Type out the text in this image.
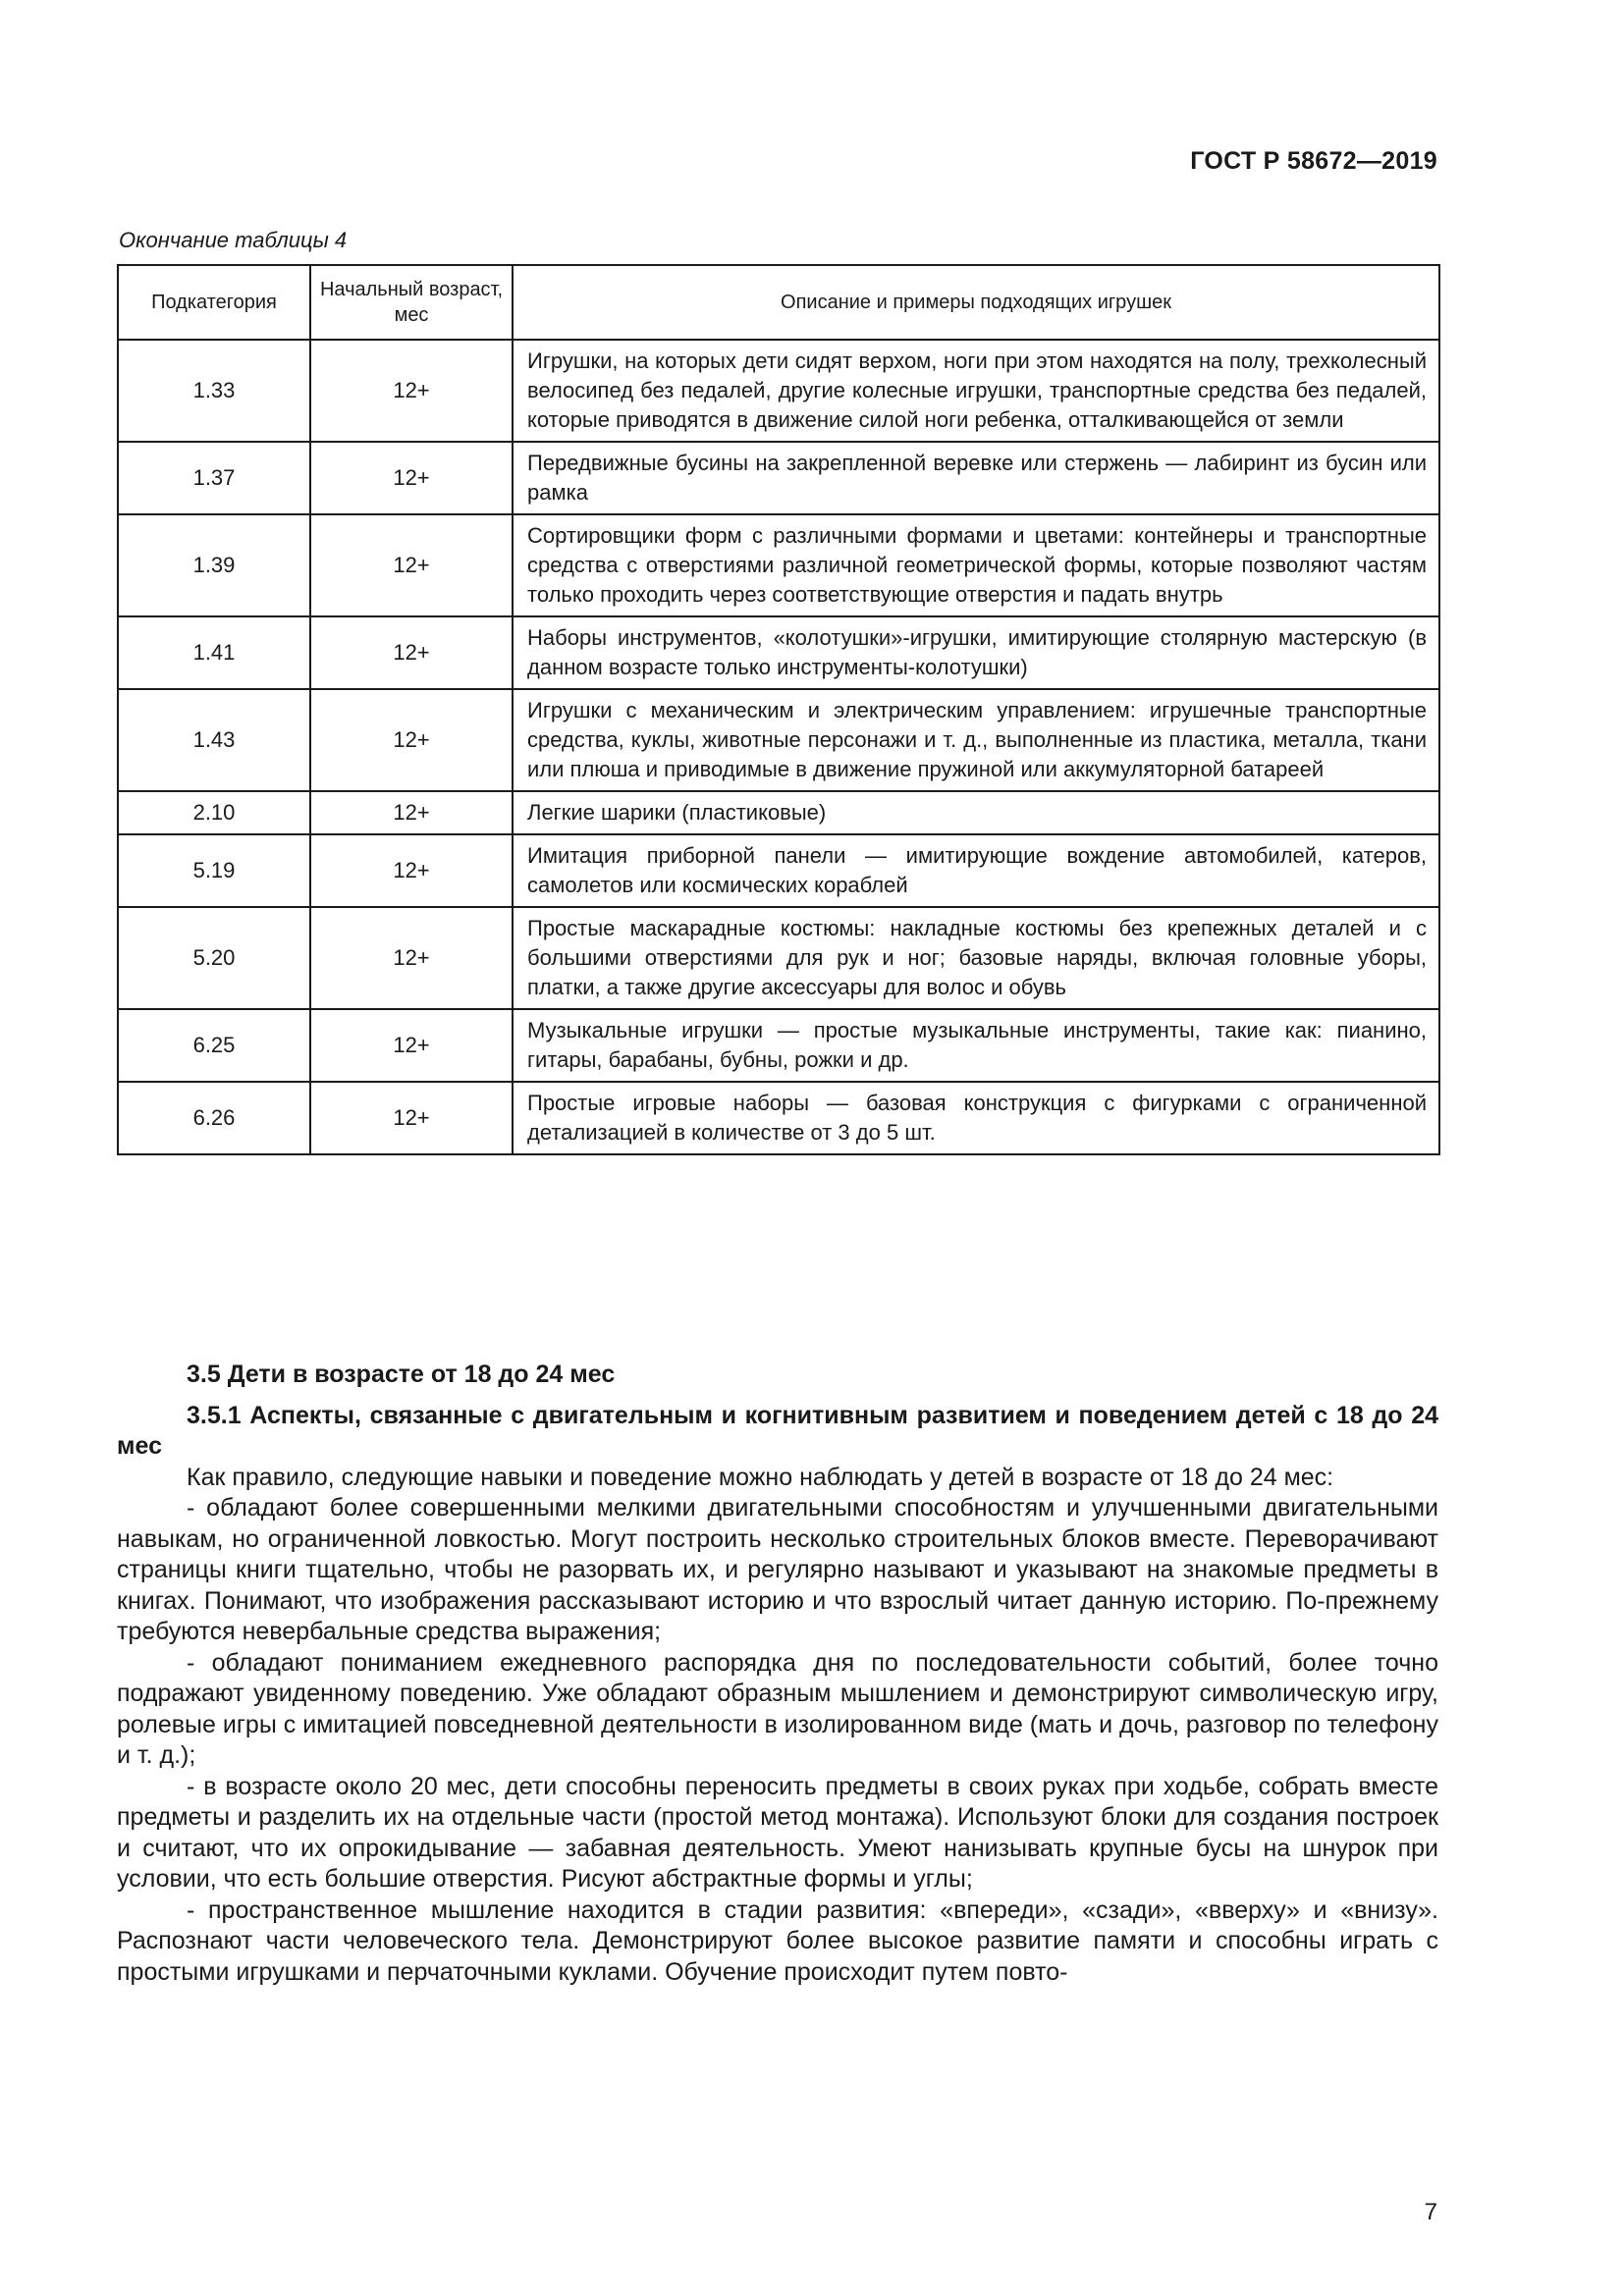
ГОСТ Р 58672—2019
Окончание таблицы 4
Подкатегория	Начальный возраст, мес	Описание и примеры подходящих игрушек
1.33	12+	Игрушки, на которых дети сидят верхом, ноги при этом находятся на полу, трехколесный велосипед без педалей, другие колесные игрушки, транспортные средства без педалей, которые приводятся в движение силой ноги ребенка, отталкивающейся от земли
1.37	12+	Передвижные бусины на закрепленной веревке или стержень — лабиринт из бусин или рамка
1.39	12+	Сортировщики форм с различными формами и цветами: контейнеры и транспортные средства с отверстиями различной геометрической формы, которые позволяют частям только проходить через соответствующие отверстия и падать внутрь
1.41	12+	Наборы инструментов, «колотушки»-игрушки, имитирующие столярную мастерскую (в данном возрасте только инструменты-колотушки)
1.43	12+	Игрушки с механическим и электрическим управлением: игрушечные транспортные средства, куклы, животные персонажи и т. д., выполненные из пластика, металла, ткани или плюша и приводимые в движение пружиной или аккумуляторной батареей
2.10	12+	Легкие шарики (пластиковые)
5.19	12+	Имитация приборной панели — имитирующие вождение автомобилей, катеров, самолетов или космических кораблей
5.20	12+	Простые маскарадные костюмы: накладные костюмы без крепежных деталей и с большими отверстиями для рук и ног; базовые наряды, включая головные уборы, платки, а также другие аксессуары для волос и обувь
6.25	12+	Музыкальные игрушки — простые музыкальные инструменты, такие как: пианино, гитары, барабаны, бубны, рожки и др.
6.26	12+	Простые игровые наборы — базовая конструкция с фигурками с ограниченной детализацией в количестве от 3 до 5 шт.
3.5 Дети в возрасте от 18 до 24 мес
3.5.1 Аспекты, связанные с двигательным и когнитивным развитием и поведением детей с 18 до 24 мес

Как правило, следующие навыки и поведение можно наблюдать у детей в возрасте от 18 до 24 мес:

- обладают более совершенными мелкими двигательными способностям и улучшенными двигательными навыкам, но ограниченной ловкостью. Могут построить несколько строительных блоков вместе. Переворачивают страницы книги тщательно, чтобы не разорвать их, и регулярно называют и указывают на знакомые предметы в книгах. Понимают, что изображения рассказывают историю и что взрослый читает данную историю. По-прежнему требуются невербальные средства выражения;

- обладают пониманием ежедневного распорядка дня по последовательности событий, более точно подражают увиденному поведению. Уже обладают образным мышлением и демонстрируют символическую игру, ролевые игры с имитацией повседневной деятельности в изолированном виде (мать и дочь, разговор по телефону и т. д.);

- в возрасте около 20 мес, дети способны переносить предметы в своих руках при ходьбе, собрать вместе предметы и разделить их на отдельные части (простой метод монтажа). Используют блоки для создания построек и считают, что их опрокидывание — забавная деятельность. Умеют нанизывать крупные бусы на шнурок при условии, что есть большие отверстия. Рисуют абстрактные формы и углы;

- пространственное мышление находится в стадии развития: «впереди», «сзади», «вверху» и «внизу». Распознают части человеческого тела. Демонстрируют более высокое развитие памяти и способны играть с простыми игрушками и перчаточными куклами. Обучение происходит путем повто-

7
